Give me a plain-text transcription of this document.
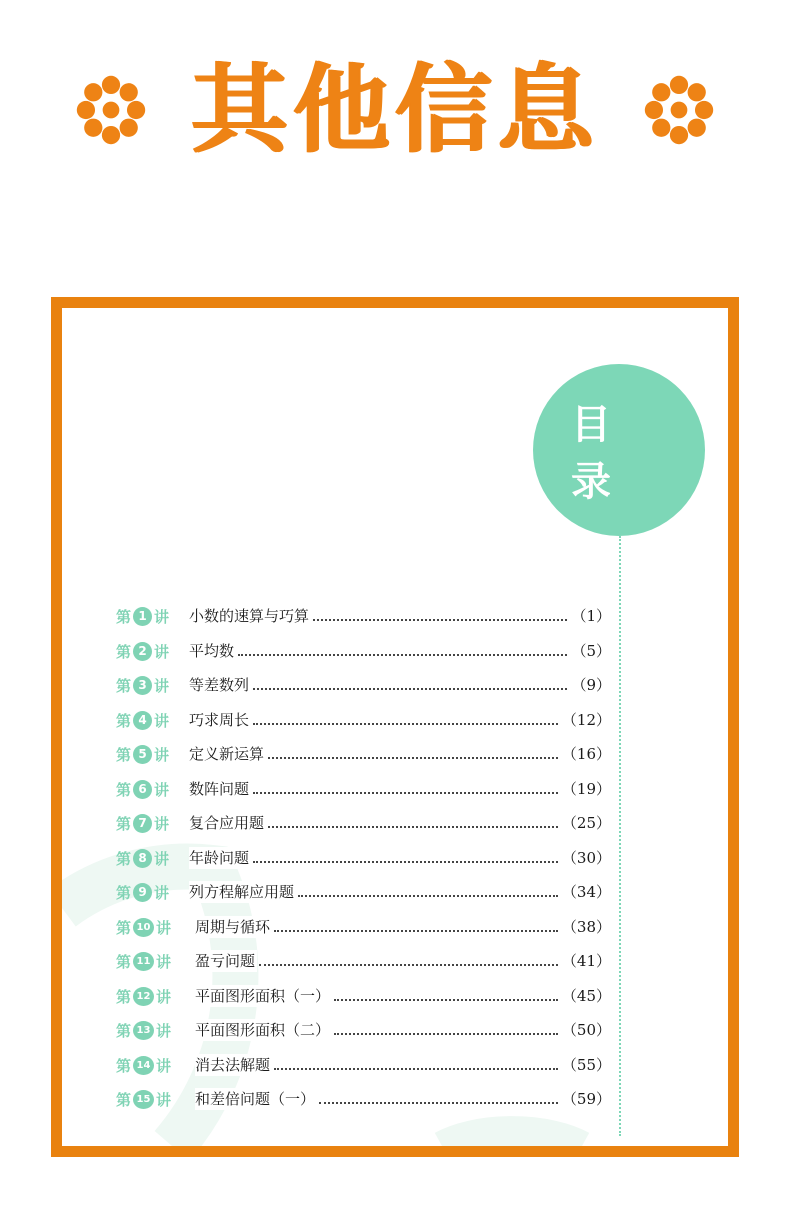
其他信息
目录
第 1 讲 小数的速算与巧算	（1）
第 2 讲 平均数	（5）
第 3 讲 等差数列	（9）
第 4 讲 巧求周长	（12）
第 5 讲 定义新运算	（16）
第 6 讲 数阵问题	（19）
第 7 讲 复合应用题	（25）
第 8 讲 年龄问题	（30）
第 9 讲 列方程解应用题	（34）
第 10 讲 周期与循环	（38）
第 11 讲 盈亏问题	（41）
第 12 讲 平面图形面积（一）	（45）
第 13 讲 平面图形面积（二）	（50）
第 14 讲 消去法解题	（55）
第 15 讲 和差倍问题（一）	（59）
